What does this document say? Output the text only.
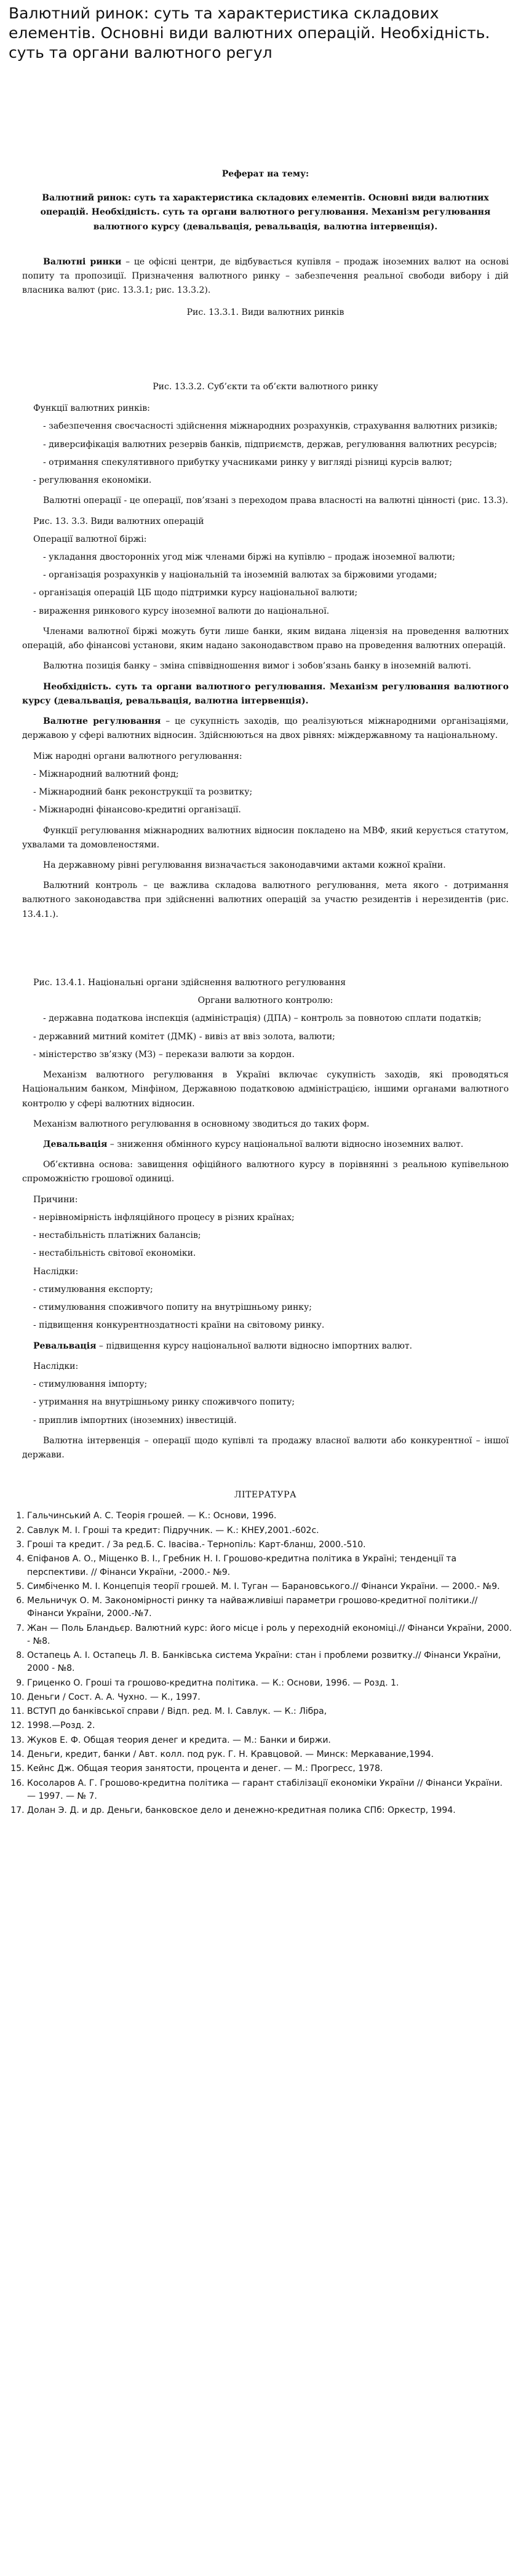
Валютний ринок: суть та характеристика складових елементів. Основні види валютних операцій. Необхідність. суть та органи валютного регул

Реферат на тему:

Валютний ринок: суть та характеристика складових елементів. Основні види валютних операцій. Необхідність. суть та органи валютного регулювання. Механізм регулювання валютного курсу (девальвація, ревальвація, валютна інтервенція).

Валютні ринки – це офісні центри, де відбувається купівля – продаж іноземних валют на основі попиту та пропозиції. Призначення валютного ринку – забезпечення реальної свободи вибору і дій власника валют (рис. 13.3.1; рис. 13.3.2).

Рис. 13.3.1. Види валютних ринків

Рис. 13.3.2. Суб’єкти та об’єкти валютного ринку

Функції валютних ринків:

- забезпечення своєчасності здійснення міжнародних розрахунків, страхування валютних ризиків;

- диверсифікація валютних резервів банків, підприємств, держав, регулювання валютних ресурсів;

- отримання спекулятивного прибутку учасниками ринку у вигляді різниці курсів валют;

- регулювання економіки.

Валютні операції - це операції, пов’язані з переходом права власності на валютні цінності (рис. 13.3).

Рис. 13. 3.3. Види валютних операцій

Операції валютної біржі:

- укладання двосторонніх угод між членами біржі на купівлю – продаж іноземної валюти;

- організація розрахунків у національній та іноземній валютах за біржовими угодами;

- організація операцій ЦБ щодо підтримки курсу національної валюти;

- вираження ринкового курсу іноземної валюти до національної.

Членами валютної біржі можуть бути лише банки, яким видана ліцензія на проведення валютних операцій, або фінансові установи, яким надано законодавством право на проведення валютних операцій.

Валютна позиція банку – зміна співвідношення вимог і зобов’язань банку в іноземній валюті.

Необхідність. суть та органи валютного регулювання. Механізм регулювання валютного курсу (девальвація, ревальвація, валютна інтервенція).

Валютне регулювання – це сукупність заходів, що реалізуються міжнародними організаціями, державою у сфері валютних відносин. Здійснюються на двох рівнях: міждержавному та національному.

Між народні органи валютного регулювання:

- Міжнародний валютний фонд;

- Міжнародний банк реконструкції та розвитку;

- Міжнародні фінансово-кредитні організації.

Функції регулювання міжнародних валютних відносин покладено на МВФ, який керується статутом, ухвалами та домовленостями.

На державному рівні регулювання визначається законодавчими актами кожної країни.

Валютний контроль – це важлива складова валютного регулювання, мета якого - дотримання валютного законодавства при здійсненні валютних операцій за участю резидентів і нерезидентів (рис. 13.4.1.).

Рис. 13.4.1. Національні органи здійснення валютного регулювання

Органи валютного контролю:

- державна податкова інспекція (адміністрація) (ДПА) – контроль за повнотою сплати податків;

- державний митний комітет (ДМК) - вивіз ат ввіз золота, валюти;

- міністерство зв’язку (МЗ) – перекази валюти за кордон.

Механізм валютного регулювання в Україні включає сукупність заходів, які проводяться Національним банком, Мінфіном, Державною податковою адміністрацією, іншими органами валютного контролю у сфері валютних відносин.

Механізм валютного регулювання в основному зводиться до таких форм.

Девальвація – зниження обмінного курсу національної валюти відносно іноземних валют.

Об’єктивна основа: завищення офіційного валютного курсу в порівнянні з реальною купівельною спроможністю грошової одиниці.

Причини:

- нерівномірність інфляційного процесу в різних країнах;

- нестабільність платіжних балансів;

- нестабільність світової економіки.

Наслідки:

- стимулювання експорту;

- стимулювання споживчого попиту на внутрішньому ринку;

- підвищення конкурентноздатності країни на світовому ринку.

Ревальвація – підвищення курсу національної валюти відносно імпортних валют.

Наслідки:

- стимулювання імпорту;

- утримання на внутрішньому ринку споживчого попиту;

- приплив імпортних (іноземних) інвестицій.

Валютна інтервенція – операції щодо купівлі та продажу власної валюти або конкурентної – іншої держави.

ЛІТЕРАТУРА

1. Гальчинський А. С. Теорія грошей. — К.: Основи, 1996.
2. Савлук М. І. Гроші та кредит: Підручник. — К.: КНЕУ,2001.-602с.
3. Гроші та кредит. / За ред.Б. С. Івасіва.- Тернопіль: Карт-бланш, 2000.-510.
4. Єпіфанов А. О., Міщенко В. І., Гребник Н. І. Грошово-кредитна політика в Україні; тенденції та перспективи. // Фінанси України, -2000.- №9.
5. Симбіченко М. І. Концепція теорії грошей. М. І. Туган — Барановського.// Фінанси України. — 2000.- №9.
6. Мельничук О. М. Закономірності ринку та найважливіші параметри грошово-кредитної політики.// Фінанси України, 2000.-№7.
7. Жан — Поль Бландьєр. Валютний курс: його місце і роль у переходній економіці.// Фінанси України, 2000. - №8.
8. Остапець А. І. Остапець Л. В. Банківська система України: стан і проблеми розвитку.// Фінанси України, 2000 - №8.
9. Гриценко О. Гроші та грошово-кредитна політика. — К.: Основи, 1996. — Розд. 1.
10. Деньги / Сост. А. А. Чухно. — К., 1997.
11. ВСТУП до банківської справи / Відп. ред. М. І. Савлук. — К.: Лібра,
12. 1998.—Розд. 2.
13. Жуков Е. Ф. Общая теория денег и кредита. — М.: Банки и биржи.
14. Деньги, кредит, банки / Авт. колл. под рук. Г. Н. Кравцовой. — Минск: Меркавание,1994.
15. Кейнс Дж. Общая теория занятости, процента и денег. — М.: Прогресс, 1978.
16. Косоларов А. Г. Грошово-кредитна політика — гарант стабілізації економіки України // Фінанси України. — 1997. — № 7.
17. Долан Э. Д. и др. Деньги, банковское дело и денежно-кредитная полика СПб: Оркестр, 1994.
